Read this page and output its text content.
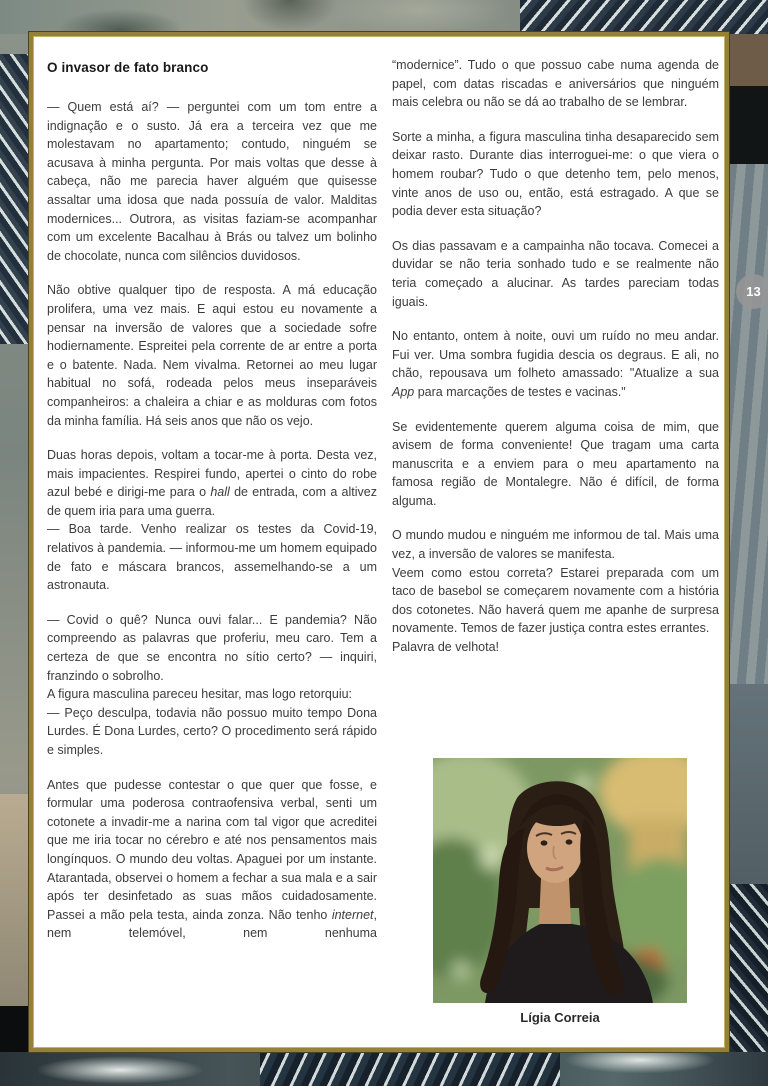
O invasor de fato branco

— Quem está aí? — perguntei com um tom entre a indignação e o susto. Já era a terceira vez que me molestavam no apartamento; contudo, ninguém se acusava à minha pergunta. Por mais voltas que desse à cabeça, não me parecia haver alguém que quisesse assaltar uma idosa que nada possuía de valor. Malditas modernices... Outrora, as visitas faziam-se acompanhar com um excelente Bacalhau à Brás ou talvez um bolinho de chocolate, nunca com silêncios duvidosos.

Não obtive qualquer tipo de resposta. A má educação prolifera, uma vez mais. E aqui estou eu novamente a pensar na inversão de valores que a sociedade sofre hodiernamente. Espreitei pela corrente de ar entre a porta e o batente. Nada. Nem vivalma. Retornei ao meu lugar habitual no sofá, rodeada pelos meus inseparáveis companheiros: a chaleira a chiar e as molduras com fotos da minha família. Há seis anos que não os vejo.

Duas horas depois, voltam a tocar-me à porta. Desta vez, mais impacientes. Respirei fundo, apertei o cinto do robe azul bebé e dirigi-me para o hall de entrada, com a altivez de quem iria para uma guerra.
— Boa tarde. Venho realizar os testes da Covid-19, relativos à pandemia. — informou-me um homem equipado de fato e máscara brancos, assemelhando-se a um astronauta.

— Covid o quê? Nunca ouvi falar... E pandemia? Não compreendo as palavras que proferiu, meu caro. Tem a certeza de que se encontra no sítio certo? — inquiri, franzindo o sobrolho.
A figura masculina pareceu hesitar, mas logo retorquiu:
— Peço desculpa, todavia não possuo muito tempo Dona Lurdes. É Dona Lurdes, certo? O procedimento será rápido e simples.

Antes que pudesse contestar o que quer que fosse, e formular uma poderosa contraofensiva verbal, senti um cotonete a invadir-me a narina com tal vigor que acreditei que me iria tocar no cérebro e até nos pensamentos mais longínquos. O mundo deu voltas. Apaguei por um instante. Atarantada, observei o homem a fechar a sua mala e a sair após ter desinfetado as suas mãos cuidadosamente. Passei a mão pela testa, ainda zonza. Não tenho internet, nem telemóvel, nem nenhuma

“modernice”. Tudo o que possuo cabe numa agenda de papel, com datas riscadas e aniversários que ninguém mais celebra ou não se dá ao trabalho de se lembrar.

Sorte a minha, a figura masculina tinha desaparecido sem deixar rasto. Durante dias interroguei-me: o que viera o homem roubar? Tudo o que detenho tem, pelo menos, vinte anos de uso ou, então, está estragado. A que se podia dever esta situação?

Os dias passavam e a campainha não tocava. Comecei a duvidar se não teria sonhado tudo e se realmente não teria começado a alucinar. As tardes pareciam todas iguais.

No entanto, ontem à noite, ouvi um ruído no meu andar. Fui ver. Uma sombra fugidia descia os degraus. E ali, no chão, repousava um folheto amassado: "Atualize a sua App para marcações de testes e vacinas."

Se evidentemente querem alguma coisa de mim, que avisem de forma conveniente! Que tragam uma carta manuscrita e a enviem para o meu apartamento na famosa região de Montalegre. Não é difícil, de forma alguma.

O mundo mudou e ninguém me informou de tal. Mais uma vez, a inversão de valores se manifesta.
Veem como estou correta? Estarei preparada com um taco de basebol se começarem novamente com a história dos cotonetes. Não haverá quem me apanhe de surpresa novamente. Temos de fazer justiça contra estes errantes.
Palavra de velhota!

Lígia Correia
13
